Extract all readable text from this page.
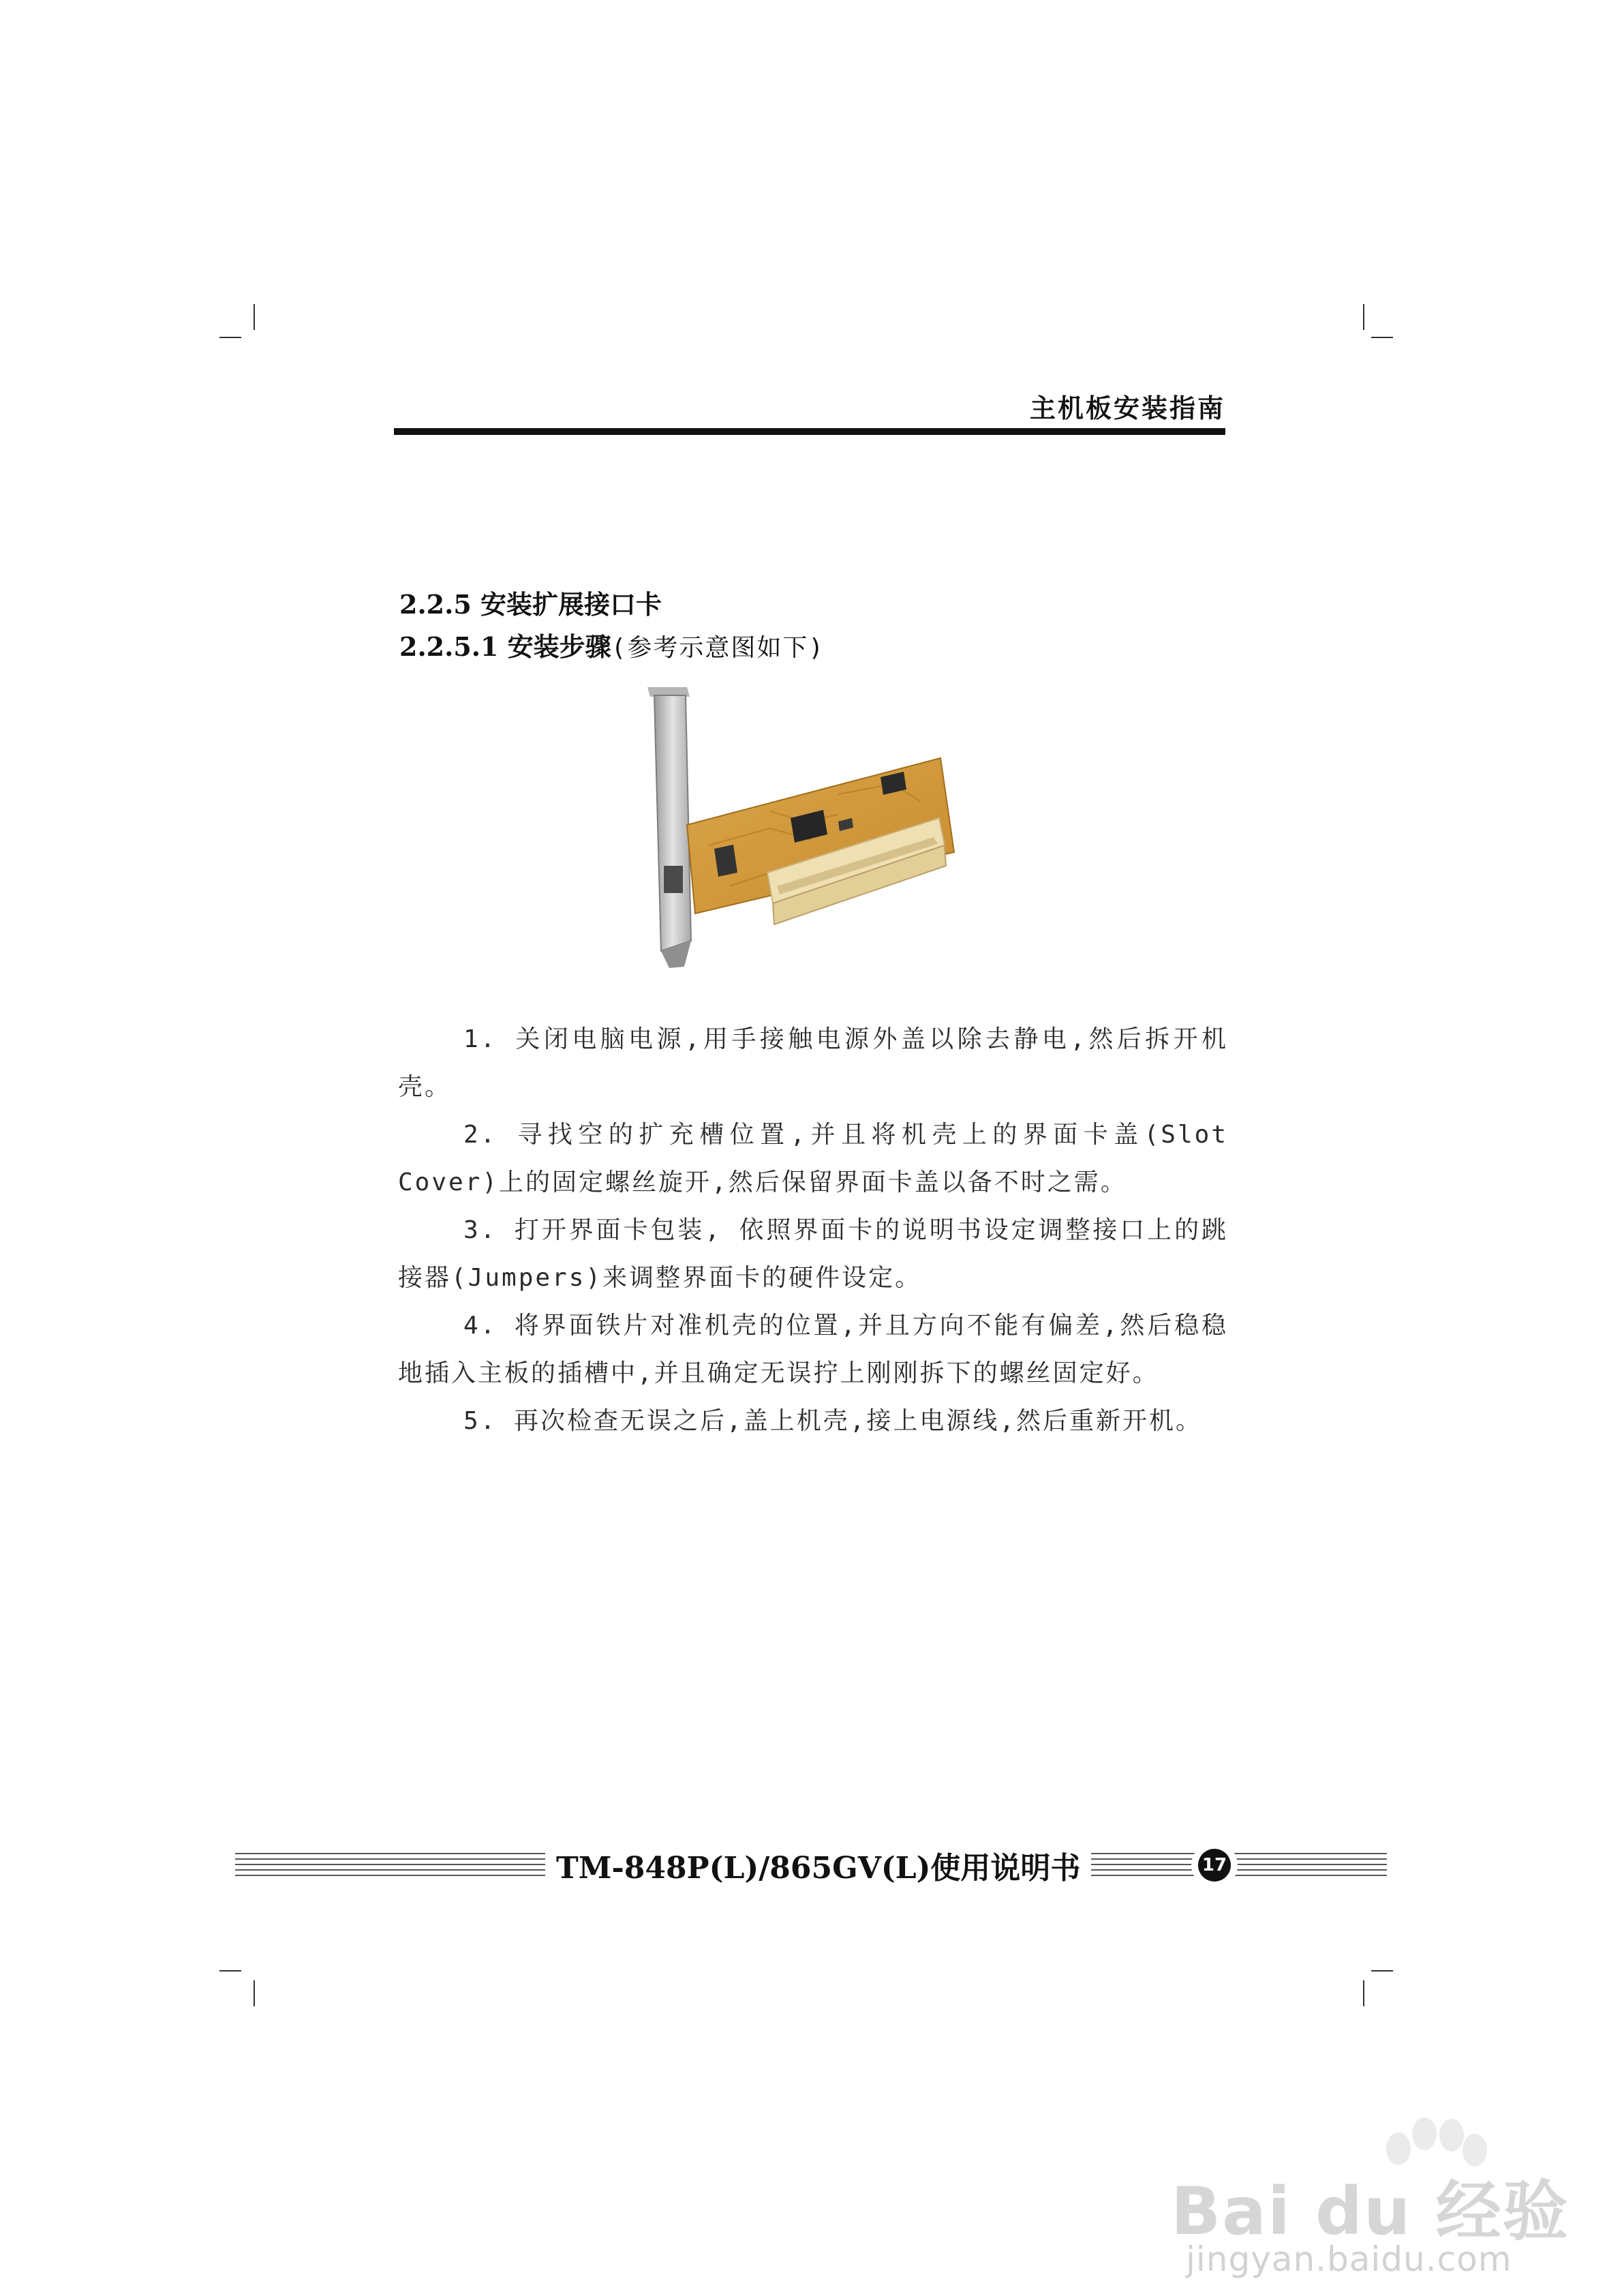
主机板安装指南
2.2.5 安装扩展接口卡
2.2.5.1 安装步骤(参考示意图如下)

1. 关闭电脑电源,用手接触电源外盖以除去静电,然后拆开机壳。

2. 寻找空的扩充槽位置,并且将机壳上的界面卡盖(Slot Cover)上的固定螺丝旋开,然后保留界面卡盖以备不时之需。

3. 打开界面卡包装, 依照界面卡的说明书设定调整接口上的跳接器(Jumpers)来调整界面卡的硬件设定。

4. 将界面铁片对准机壳的位置,并且方向不能有偏差,然后稳稳地插入主板的插槽中,并且确定无误拧上刚刚拆下的螺丝固定好。

5. 再次检查无误之后,盖上机壳,接上电源线,然后重新开机。

TM-848P(L)/865GV(L)使用说明书	17
Bai du 经验
jingyan.baidu.com
